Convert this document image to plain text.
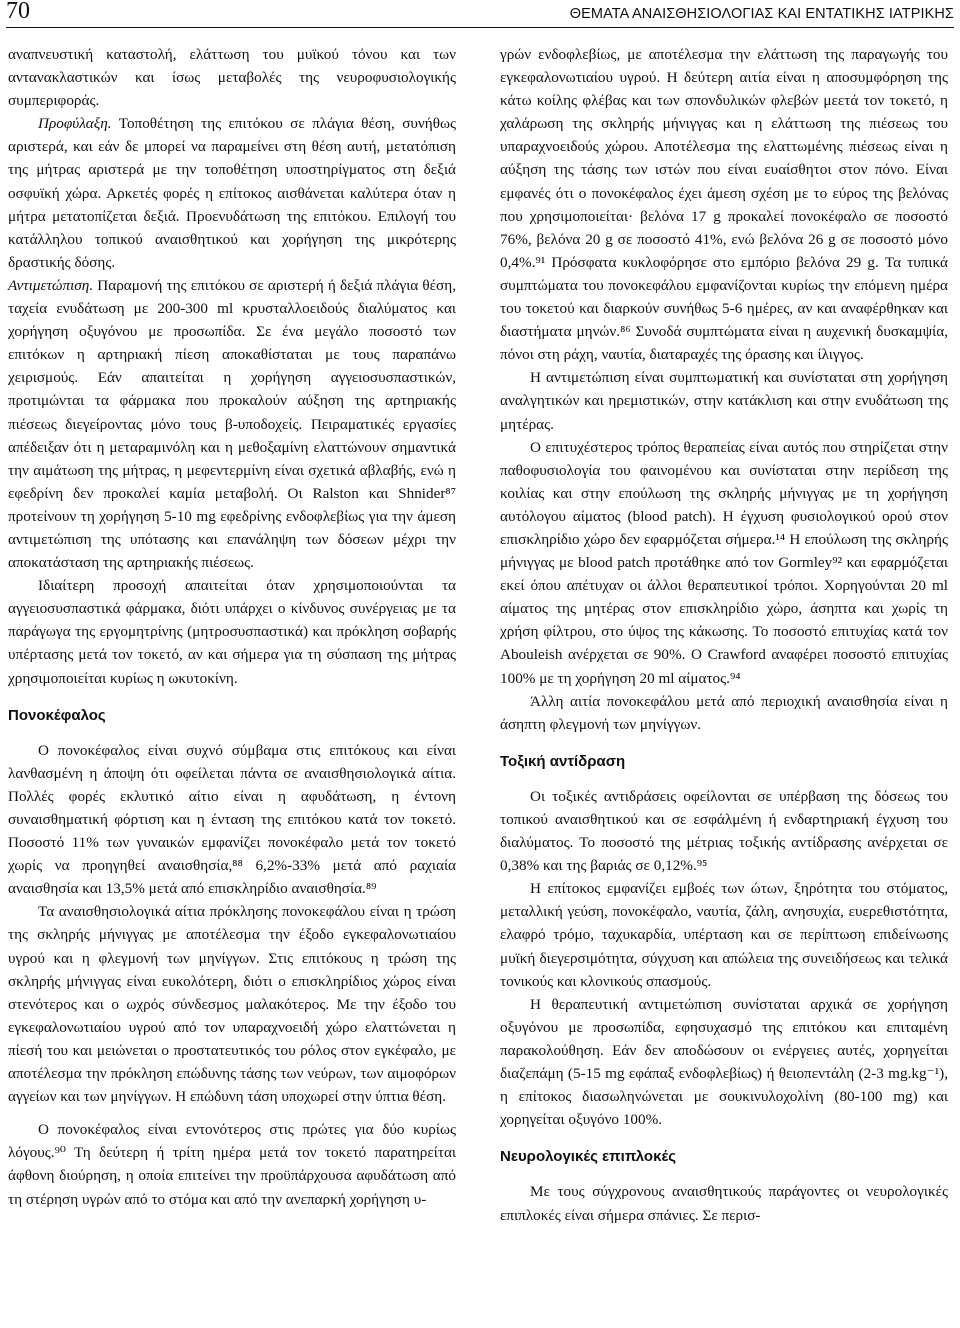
70	ΘΕΜΑΤΑ ΑΝΑΙΣΘΗΣΙΟΛΟΓΙΑΣ ΚΑΙ ΕΝΤΑΤΙΚΗΣ ΙΑΤΡΙΚΗΣ

αναπνευστική καταστολή, ελάττωση του μυϊκού τόνου και των αντανακλαστικών και ίσως μεταβολές της νευροφυσιολογικής συμπεριφοράς.

Προφύλαξη. Τοποθέτηση της επιτόκου σε πλάγια θέση, συνήθως αριστερά, και εάν δε μπορεί να παραμείνει στη θέση αυτή, μετατόπιση της μήτρας αριστερά με την τοποθέτηση υποστηρίγματος στη δεξιά οσφυϊκή χώρα. Αρκετές φορές η επίτοκος αισθάνεται καλύτερα όταν η μήτρα μετατοπίζεται δεξιά. Προενυδάτωση της επιτόκου. Επιλογή του κατάλληλου τοπικού αναισθητικού και χορήγηση της μικρότερης δραστικής δόσης.

Αντιμετώπιση. Παραμονή της επιτόκου σε αριστερή ή δεξιά πλάγια θέση, ταχεία ενυδάτωση με 200-300 ml κρυσταλλοειδούς διαλύματος και χορήγηση οξυγόνου με προσωπίδα. Σε ένα μεγάλο ποσοστό των επιτόκων η αρτηριακή πίεση αποκαθίσταται με τους παραπάνω χειρισμούς. Εάν απαιτείται η χορήγηση αγγειοσυσπαστικών, προτιμώνται τα φάρμακα που προκαλούν αύξηση της αρτηριακής πιέσεως διεγείροντας μόνο τους β-υποδοχείς. Πειραματικές εργασίες απέδειξαν ότι η μεταραμινόλη και η μεθοξαμίνη ελαττώνουν σημαντικά την αιμάτωση της μήτρας, η μεφεντερμίνη είναι σχετικά αβλαβής, ενώ η εφεδρίνη δεν προκαλεί καμία μεταβολή. Οι Ralston και Shnider⁸⁷ προτείνουν τη χορήγηση 5-10 mg εφεδρίνης ενδοφλεβίως για την άμεση αντιμετώπιση της υπότασης και επανάληψη των δόσεων μέχρι την αποκατάσταση της αρτηριακής πιέσεως.

Ιδιαίτερη προσοχή απαιτείται όταν χρησιμοποιούνται τα αγγειοσυσπαστικά φάρμακα, διότι υπάρχει ο κίνδυνος συνέργειας με τα παράγωγα της εργομητρίνης (μητροσυσπαστικά) και πρόκληση σοβαρής υπέρτασης μετά τον τοκετό, αν και σήμερα για τη σύσπαση της μήτρας χρησιμοποιείται κυρίως η ωκυτοκίνη.

Πονοκέφαλος

Ο πονοκέφαλος είναι συχνό σύμβαμα στις επιτόκους και είναι λανθασμένη η άποψη ότι οφείλεται πάντα σε αναισθησιολογικά αίτια. Πολλές φορές εκλυτικό αίτιο είναι η αφυδάτωση, η έντονη συναισθηματική φόρτιση και η ένταση της επιτόκου κατά τον τοκετό. Ποσοστό 11% των γυναικών εμφανίζει πονοκέφαλο μετά τον τοκετό χωρίς να προηγηθεί αναισθησία,⁸⁸ 6,2%-33% μετά από ραχιαία αναισθησία και 13,5% μετά από επισκληρίδιο αναισθησία.⁸⁹

Τα αναισθησιολογικά αίτια πρόκλησης πονοκεφάλου είναι η τρώση της σκληρής μήνιγγας με αποτέλεσμα την έξοδο εγκεφαλονωτιαίου υγρού και η φλεγμονή των μηνίγγων. Στις επιτόκους η τρώση της σκληρής μήνιγγας είναι ευκολότερη, διότι ο επισκληρίδιος χώρος είναι στενότερος και ο ωχρός σύνδεσμος μαλακότερος. Με την έξοδο του εγκεφαλονωτιαίου υγρού από τον υπαραχνοειδή χώρο ελαττώνεται η πίεσή του και μειώνεται ο προστατευτικός του ρόλος στον εγκέφαλο, με αποτέλεσμα την πρόκληση επώδυνης τάσης των νεύρων, των αιμοφόρων αγγείων και των μηνίγγων. Η επώδυνη τάση υποχωρεί στην ύπτια θέση.

Ο πονοκέφαλος είναι εντονότερος στις πρώτες για δύο κυρίως λόγους.⁹⁰ Τη δεύτερη ή τρίτη ημέρα μετά τον τοκετό παρατηρείται άφθονη διούρηση, η οποία επιτείνει την προϋπάρχουσα αφυδάτωση από τη στέρηση υγρών από το στόμα και από την ανεπαρκή χορήγηση υ-

γρών ενδοφλεβίως, με αποτέλεσμα την ελάττωση της παραγωγής του εγκεφαλονωτιαίου υγρού. Η δεύτερη αιτία είναι η αποσυμφόρηση της κάτω κοίλης φλέβας και των σπονδυλικών φλεβών μεετά τον τοκετό, η χαλάρωση της σκληρής μήνιγγας και η ελάττωση της πιέσεως του υπαραχνοειδούς χώρου. Αποτέλεσμα της ελαττωμένης πιέσεως είναι η αύξηση της τάσης των ιστών που είναι ευαίσθητοι στον πόνο. Είναι εμφανές ότι ο πονοκέφαλος έχει άμεση σχέση με το εύρος της βελόνας που χρησιμοποιείται· βελόνα 17 g προκαλεί πονοκέφαλο σε ποσοστό 76%, βελόνα 20 g σε ποσοστό 41%, ενώ βελόνα 26 g σε ποσοστό μόνο 0,4%.⁹¹ Πρόσφατα κυκλοφόρησε στο εμπόριο βελόνα 29 g. Τα τυπικά συμπτώματα του πονοκεφάλου εμφανίζονται κυρίως την επόμενη ημέρα του τοκετού και διαρκούν συνήθως 5-6 ημέρες, αν και αναφέρθηκαν και διαστήματα μηνών.⁸⁶ Συνοδά συμπτώματα είναι η αυχενική δυσκαμψία, πόνοι στη ράχη, ναυτία, διαταραχές της όρασης και ίλιγγος.

Η αντιμετώπιση είναι συμπτωματική και συνίσταται στη χορήγηση αναλγητικών και ηρεμιστικών, στην κατάκλιση και στην ενυδάτωση της μητέρας.

Ο επιτυχέστερος τρόπος θεραπείας είναι αυτός που στηρίζεται στην παθοφυσιολογία του φαινομένου και συνίσταται στην περίδεση της κοιλίας και στην επούλωση της σκληρής μήνιγγας με τη χορήγηση αυτόλογου αίματος (blood patch). Η έγχυση φυσιολογικού ορού στον επισκληρίδιο χώρο δεν εφαρμόζεται σήμερα.¹⁴ Η επούλωση της σκληρής μήνιγγας με blood patch προτάθηκε από τον Gormley⁹² και εφαρμόζεται εκεί όπου απέτυχαν οι άλλοι θεραπευτικοί τρόποι. Χορηγούνται 20 ml αίματος της μητέρας στον επισκληρίδιο χώρο, άσηπτα και χωρίς τη χρήση φίλτρου, στο ύψος της κάκωσης. Το ποσοστό επιτυχίας κατά τον Abouleish ανέρχεται σε 90%. Ο Crawford αναφέρει ποσοστό επιτυχίας 100% με τη χορήγηση 20 ml αίματος.⁹⁴

Άλλη αιτία πονοκεφάλου μετά από περιοχική αναισθησία είναι η άσηπτη φλεγμονή των μηνίγγων.

Τοξική αντίδραση

Οι τοξικές αντιδράσεις οφείλονται σε υπέρβαση της δόσεως του τοπικού αναισθητικού και σε εσφάλμένη ή ενδαρτηριακή έγχυση του διαλύματος. Το ποσοστό της μέτριας τοξικής αντίδρασης ανέρχεται σε 0,38% και της βαριάς σε 0,12%.⁹⁵

Η επίτοκος εμφανίζει εμβοές των ώτων, ξηρότητα του στόματος, μεταλλική γεύση, πονοκέφαλο, ναυτία, ζάλη, ανησυχία, ευερεθιστότητα, ελαφρό τρόμο, ταχυκαρδία, υπέρταση και σε περίπτωση επιδείνωσης μυϊκή διεγερσιμότητα, σύγχυση και απώλεια της συνειδήσεως και τελικά τονικούς και κλονικούς σπασμούς.

Η θεραπευτική αντιμετώπιση συνίσταται αρχικά σε χορήγηση οξυγόνου με προσωπίδα, εφησυχασμό της επιτόκου και επιταμένη παρακολούθηση. Εάν δεν αποδώσουν οι ενέργειες αυτές, χορηγείται διαζεπάμη (5-15 mg εφάπαξ ενδοφλεβίως) ή θειοπεντάλη (2-3 mg.kg⁻¹), η επίτοκος διασωληνώνεται με σουκινυλοχολίνη (80-100 mg) και χορηγείται οξυγόνο 100%.

Νευρολογικές επιπλοκές

Με τους σύγχρονους αναισθητικούς παράγοντες οι νευρολογικές επιπλοκές είναι σήμερα σπάνιες. Σε περισ-
